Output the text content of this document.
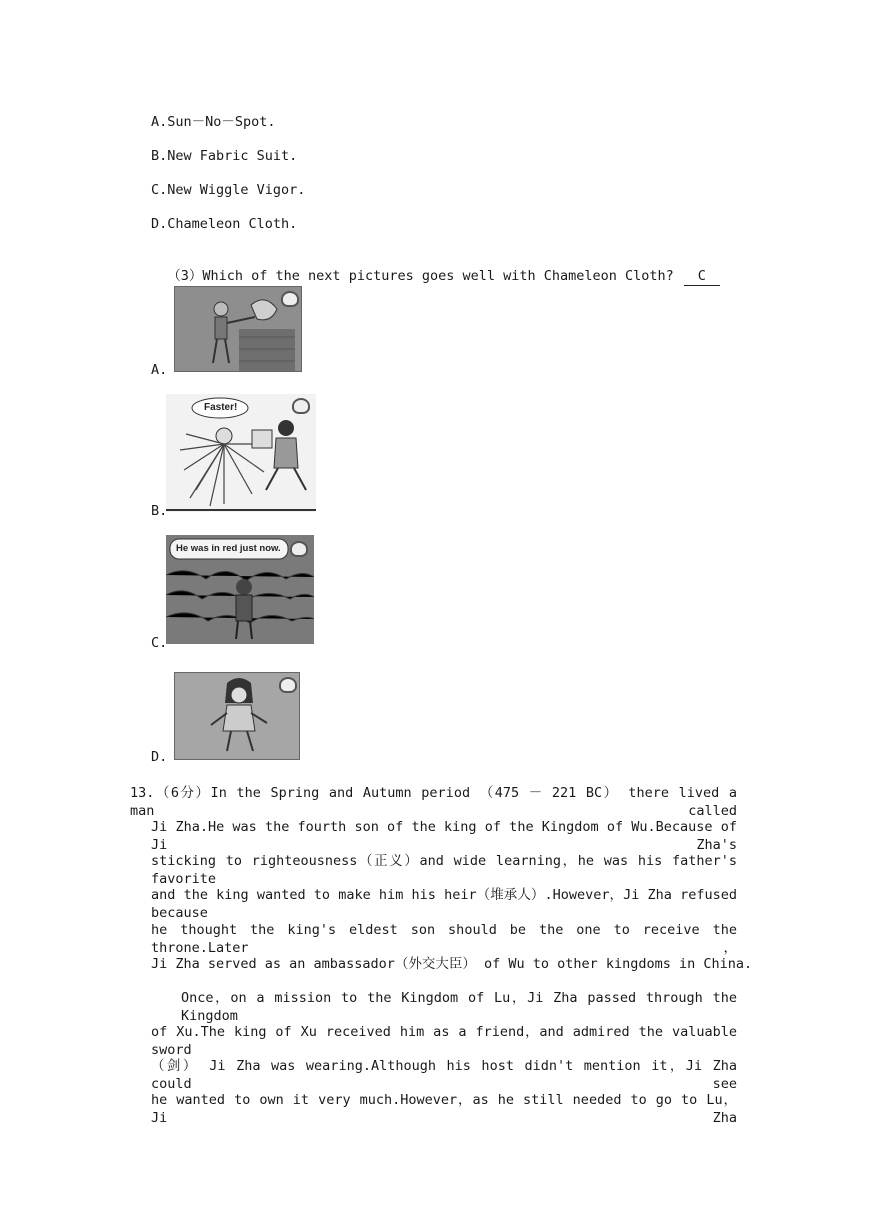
A.Sun－No－Spot.
B.New Fabric Suit.
C.New Wiggle Vigor.
D.Chameleon Cloth.

（3）Which of the next pictures goes well with Chameleon Cloth? C

A.
Faster!
B.
He was in red just now.
C.
D.
13.（6分）In the Spring and Autumn period （475 － 221 BC） there lived a man called
Ji Zha.He was the fourth son of the king of the Kingdom of Wu.Because of Ji Zha's
sticking to righteousness（正义）and wide learning，he was his father's favorite
and the king wanted to make him his heir（堆承人）.However，Ji Zha refused because
he thought the king's eldest son should be the one to receive the throne.Later，
Ji Zha served as an ambassador（外交大臣） of Wu to other kingdoms in China.
Once，on a mission to the Kingdom of Lu，Ji Zha passed through the Kingdom
of Xu.The king of Xu received him as a friend，and admired the valuable sword
（剑） Ji Zha was wearing.Although his host didn't mention it，Ji Zha could see
he wanted to own it very much.However，as he still needed to go to Lu，Ji Zha
